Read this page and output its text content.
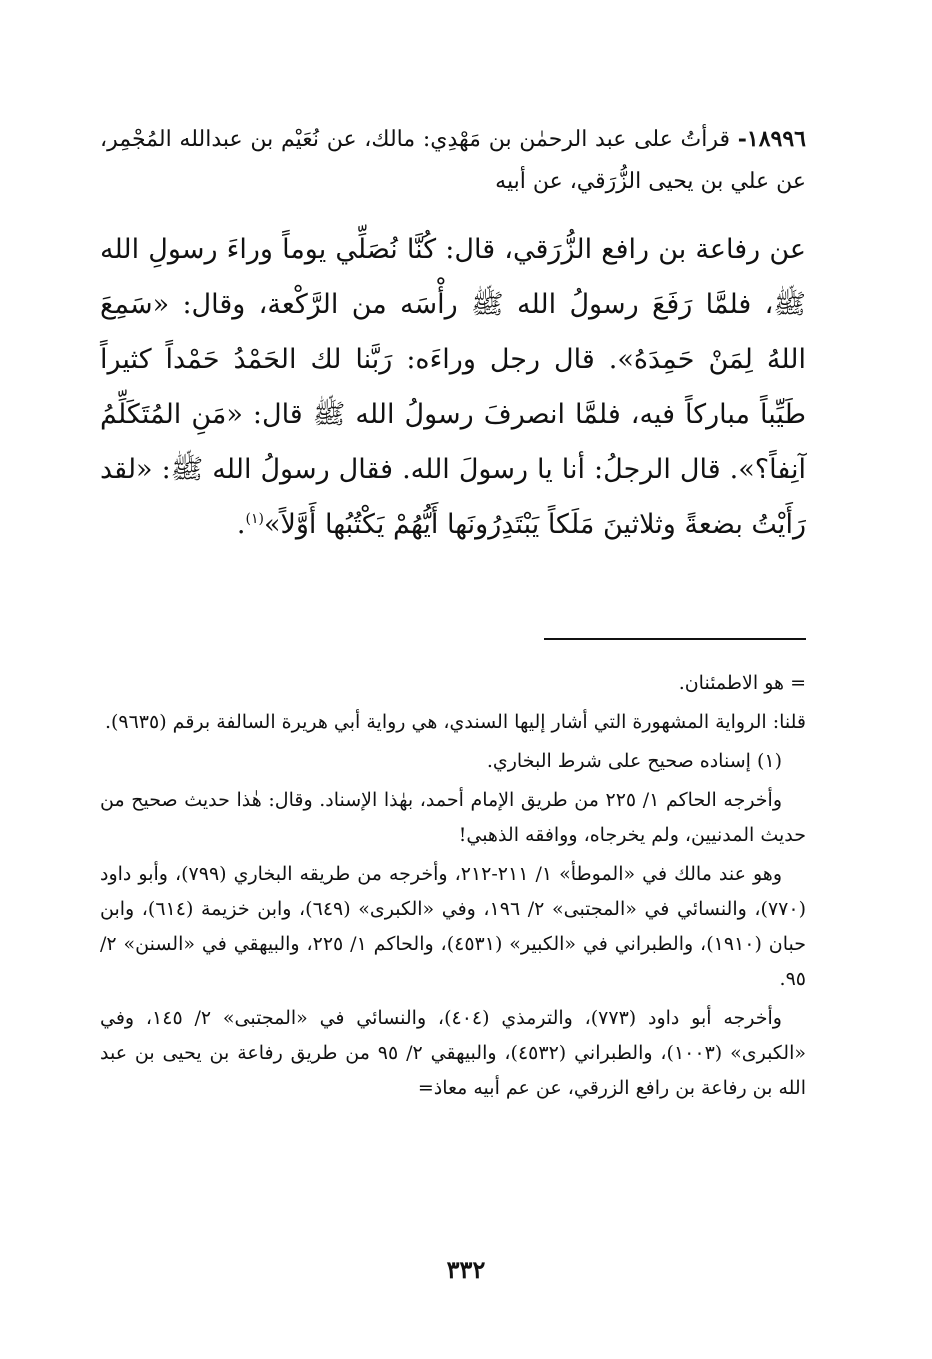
١٨٩٩٦- قرأتُ على عبد الرحمٰن بن مَهْدِي: مالك، عن نُعَيْم بن عبدالله المُجْمِر، عن علي بن يحيى الزُّرَقي، عن أبيه

عن رفاعة بن رافع الزُّرَقي، قال: كُنَّا نُصَلِّي يوماً وراءَ رسولِ الله ﷺ، فلمَّا رَفَعَ رسولُ الله ﷺ رأْسَه من الرَّكْعة، وقال: «سَمِعَ اللهُ لِمَنْ حَمِدَهُ». قال رجل وراءَه: رَبَّنا لك الحَمْدُ حَمْداً كثيراً طَيِّباً مباركاً فيه، فلمَّا انصرفَ رسولُ الله ﷺ قال: «مَنِ المُتَكَلِّمُ آنِفاً؟». قال الرجلُ: أنا يا رسولَ الله. فقال رسولُ الله ﷺ: «لقد رَأَيْتُ بضعةً وثلاثينَ مَلَكاً يَبْتَدِرُونَها أَيُّهُمْ يَكْتُبُها أَوَّلاً»$^{(١)}$.

= هو الاطمئنان.

قلنا: الرواية المشهورة التي أشار إليها السندي، هي رواية أبي هريرة السالفة برقم (٩٦٣٥).

(١) إسناده صحيح على شرط البخاري.

وأخرجه الحاكم ١/ ٢٢٥ من طريق الإمام أحمد، بهٰذا الإسناد. وقال: هٰذا حديث صحيح من حديث المدنيين، ولم يخرجاه، ووافقه الذهبي!

وهو عند مالك في «الموطأ» ١/ ٢١١-٢١٢، وأخرجه من طريقه البخاري (٧٩٩)، وأبو داود (٧٧٠)، والنسائي في «المجتبى» ٢/ ١٩٦، وفي «الكبرى» (٦٤٩)، وابن خزيمة (٦١٤)، وابن حبان (١٩١٠)، والطبراني في «الكبير» (٤٥٣١)، والحاكم ١/ ٢٢٥، والبيهقي في «السنن» ٢/ ٩٥.

وأخرجه أبو داود (٧٧٣)، والترمذي (٤٠٤)، والنسائي في «المجتبى» ٢/ ١٤٥، وفي «الكبرى» (١٠٠٣)، والطبراني (٤٥٣٢)، والبيهقي ٢/ ٩٥ من طريق رفاعة بن يحيى بن عبد الله بن رفاعة بن رافع الزرقي، عن عم أبيه معاذ=

٣٣٢
